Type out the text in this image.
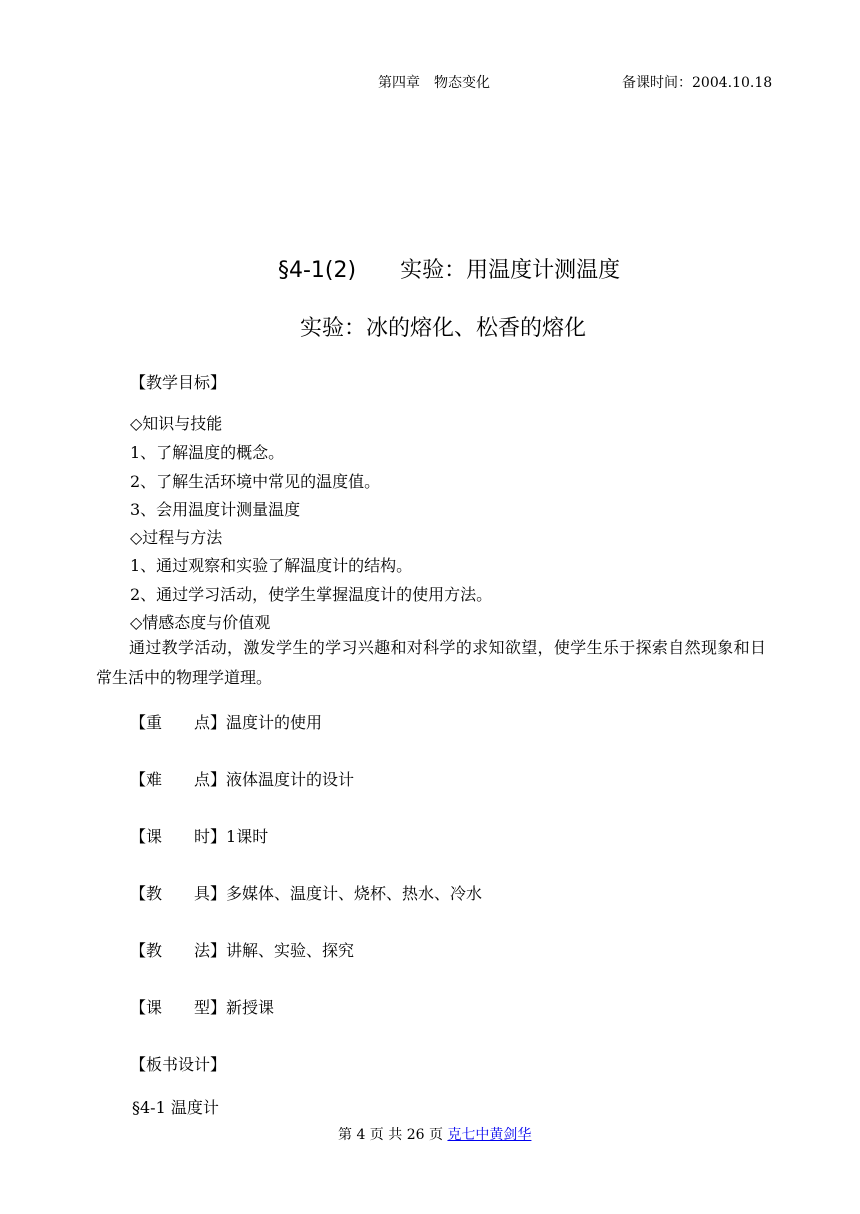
第四章　物态变化	备课时间：2004.10.18
§4-1(2)　　实验：用温度计测温度
实验：冰的熔化、松香的熔化
【教学目标】
◇知识与技能
1、了解温度的概念。
2、了解生活环境中常见的温度值。
3、会用温度计测量温度
◇过程与方法
1、通过观察和实验了解温度计的结构。
2、通过学习活动，使学生掌握温度计的使用方法。
◇情感态度与价值观
通过教学活动，激发学生的学习兴趣和对科学的求知欲望，使学生乐于探索自然现象和日常生活中的物理学道理。
【重　　点】温度计的使用
【难　　点】液体温度计的设计
【课　　时】1课时
【教　　具】多媒体、温度计、烧杯、热水、冷水
【教　　法】讲解、实验、探究
【课　　型】新授课
【板书设计】
§4-1 温度计
第 4 页 共 26 页 克七中黄剑华
